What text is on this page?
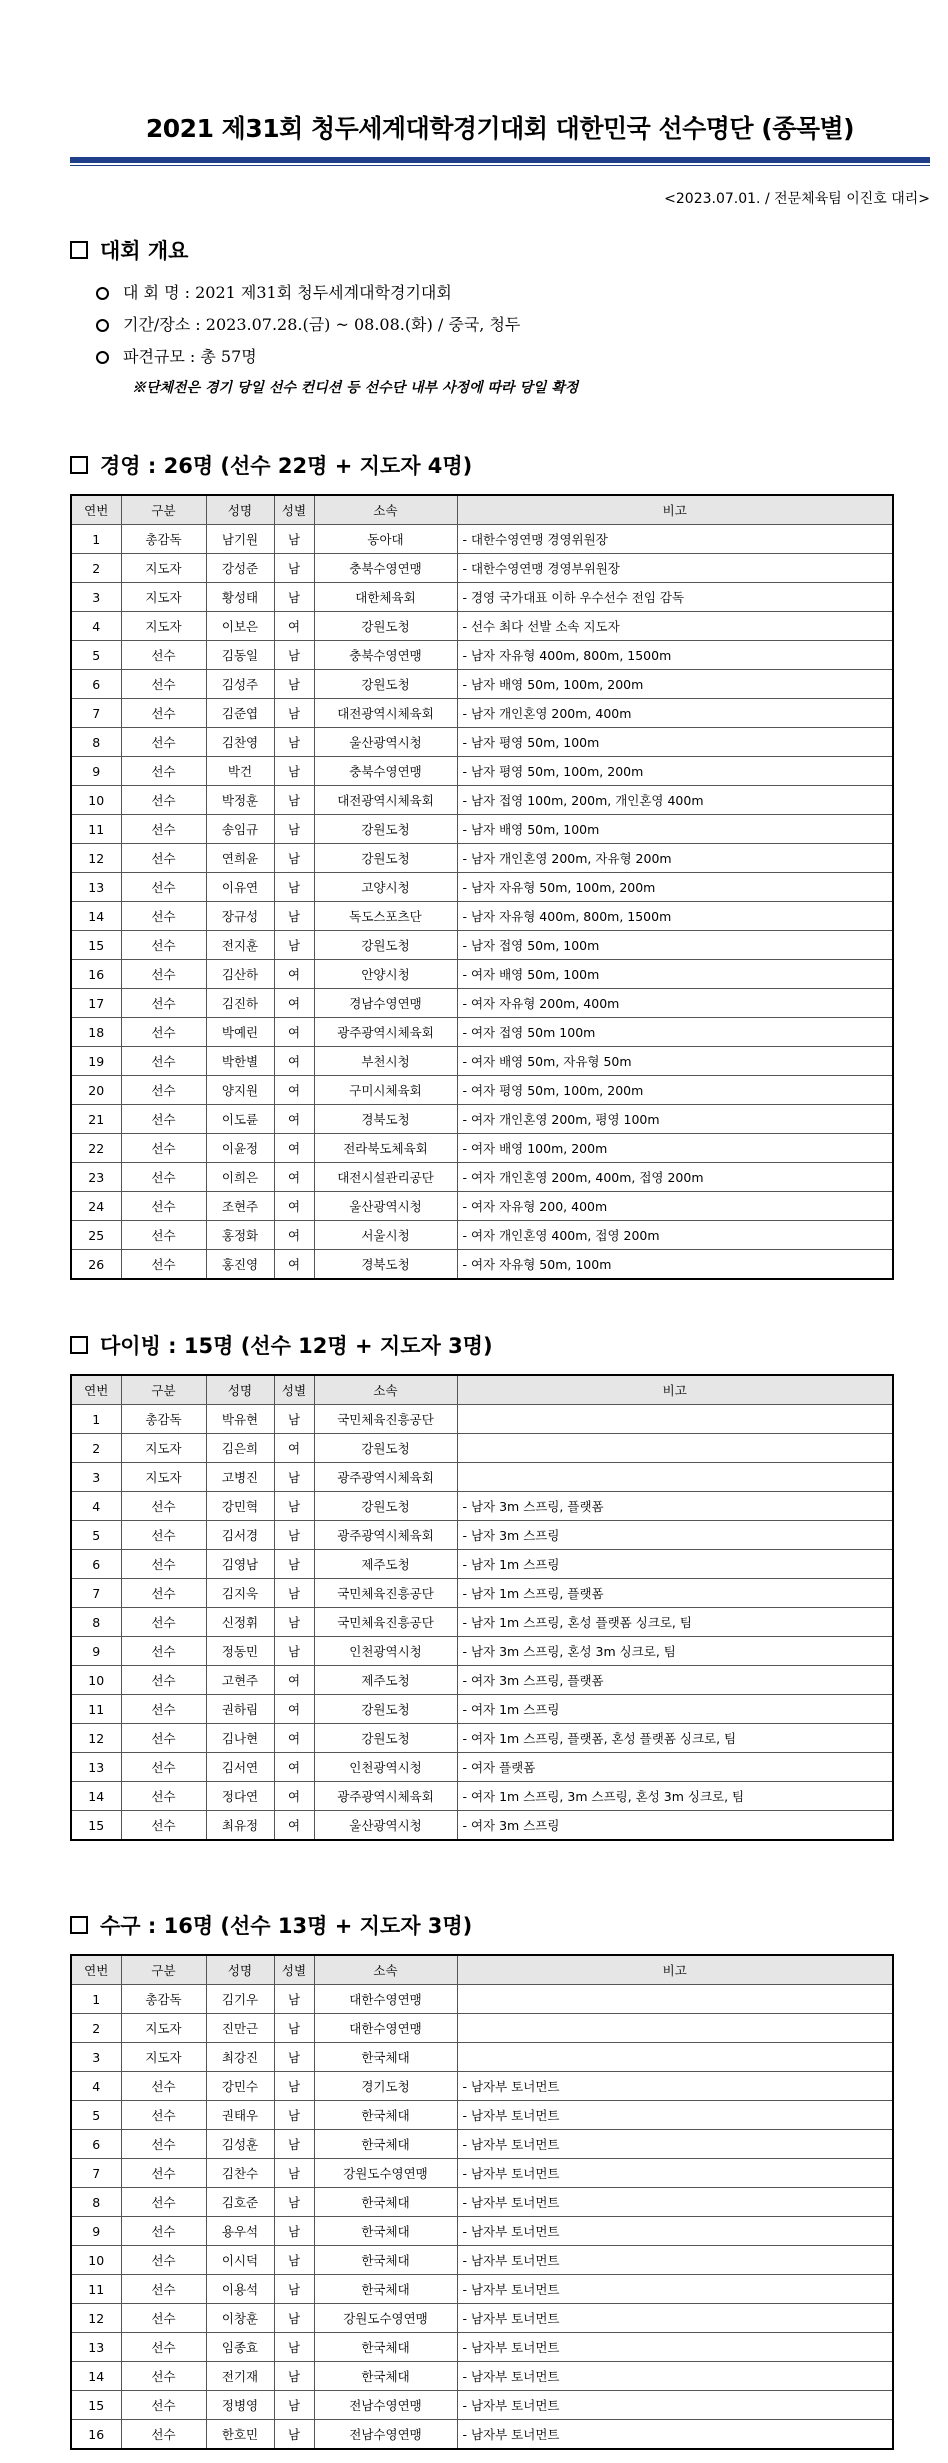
2021 제31회 청두세계대학경기대회 대한민국 선수명단 (종목별)
<2023.07.01. / 전문체육팀 이진호 대리>
대회 개요
대 회 명 : 2021 제31회 청두세계대학경기대회
기간/장소 : 2023.07.28.(금) ~ 08.08.(화) / 중국, 청두
파견규모 : 총 57명
※단체전은 경기 당일 선수 컨디션 등 선수단 내부 사정에 따라 당일 확정
경영 : 26명 (선수 22명 + 지도자 4명)
연번	구분	성명	성별	소속	비고
1	총감독	남기원	남	동아대	- 대한수영연맹 경영위원장
2	지도자	강성준	남	충북수영연맹	- 대한수영연맹 경영부위원장
3	지도자	황성태	남	대한체육회	- 경영 국가대표 이하 우수선수 전임 감독
4	지도자	이보은	여	강원도청	- 선수 최다 선발 소속 지도자
5	선수	김동일	남	충북수영연맹	- 남자 자유형 400m, 800m, 1500m
6	선수	김성주	남	강원도청	- 남자 배영 50m, 100m, 200m
7	선수	김준엽	남	대전광역시체육회	- 남자 개인혼영 200m, 400m
8	선수	김찬영	남	울산광역시청	- 남자 평영 50m, 100m
9	선수	박건	남	충북수영연맹	- 남자 평영 50m, 100m, 200m
10	선수	박정훈	남	대전광역시체육회	- 남자 접영 100m, 200m, 개인혼영 400m
11	선수	송임규	남	강원도청	- 남자 배영 50m, 100m
12	선수	연희윤	남	강원도청	- 남자 개인혼영 200m, 자유형 200m
13	선수	이유연	남	고양시청	- 남자 자유형 50m, 100m, 200m
14	선수	장규성	남	독도스포츠단	- 남자 자유형 400m, 800m, 1500m
15	선수	전지훈	남	강원도청	- 남자 접영 50m, 100m
16	선수	김산하	여	안양시청	- 여자 배영 50m, 100m
17	선수	김진하	여	경남수영연맹	- 여자 자유형 200m, 400m
18	선수	박예린	여	광주광역시체육회	- 여자 접영 50m 100m
19	선수	박한별	여	부천시청	- 여자 배영 50m, 자유형 50m
20	선수	양지원	여	구미시체육회	- 여자 평영 50m, 100m, 200m
21	선수	이도륜	여	경북도청	- 여자 개인혼영 200m, 평영 100m
22	선수	이윤정	여	전라북도체육회	- 여자 배영 100m, 200m
23	선수	이희은	여	대전시설관리공단	- 여자 개인혼영 200m, 400m, 접영 200m
24	선수	조현주	여	울산광역시청	- 여자 자유형 200, 400m
25	선수	홍정화	여	서울시청	- 여자 개인혼영 400m, 접영 200m
26	선수	홍진영	여	경북도청	- 여자 자유형 50m, 100m
다이빙 : 15명 (선수 12명 + 지도자 3명)
연번	구분	성명	성별	소속	비고
1	총감독	박유현	남	국민체육진흥공단	
2	지도자	김은희	여	강원도청	
3	지도자	고병진	남	광주광역시체육회	
4	선수	강민혁	남	강원도청	- 남자 3m 스프링, 플랫폼
5	선수	김서경	남	광주광역시체육회	- 남자 3m 스프링
6	선수	김영남	남	제주도청	- 남자 1m 스프링
7	선수	김지욱	남	국민체육진흥공단	- 남자 1m 스프링, 플랫폼
8	선수	신정휘	남	국민체육진흥공단	- 남자 1m 스프링, 혼성 플랫폼 싱크로, 팀
9	선수	정동민	남	인천광역시청	- 남자 3m 스프링, 혼성 3m 싱크로, 팀
10	선수	고현주	여	제주도청	- 여자 3m 스프링, 플랫폼
11	선수	권하림	여	강원도청	- 여자 1m 스프링
12	선수	김나현	여	강원도청	- 여자 1m 스프링, 플랫폼, 혼성 플랫폼 싱크로, 팀
13	선수	김서연	여	인천광역시청	- 여자 플랫폼
14	선수	정다연	여	광주광역시체육회	- 여자 1m 스프링, 3m 스프링, 혼성 3m 싱크로, 팀
15	선수	최유정	여	울산광역시청	- 여자 3m 스프링
수구 : 16명 (선수 13명 + 지도자 3명)
연번	구분	성명	성별	소속	비고
1	총감독	김기우	남	대한수영연맹	
2	지도자	진만근	남	대한수영연맹	
3	지도자	최강진	남	한국체대	
4	선수	강민수	남	경기도청	- 남자부 토너먼트
5	선수	권태우	남	한국체대	- 남자부 토너먼트
6	선수	김성훈	남	한국체대	- 남자부 토너먼트
7	선수	김찬수	남	강원도수영연맹	- 남자부 토너먼트
8	선수	김호준	남	한국체대	- 남자부 토너먼트
9	선수	용우석	남	한국체대	- 남자부 토너먼트
10	선수	이시덕	남	한국체대	- 남자부 토너먼트
11	선수	이용석	남	한국체대	- 남자부 토너먼트
12	선수	이창훈	남	강원도수영연맹	- 남자부 토너먼트
13	선수	임종효	남	한국체대	- 남자부 토너먼트
14	선수	전기재	남	한국체대	- 남자부 토너먼트
15	선수	정병영	남	전남수영연맹	- 남자부 토너먼트
16	선수	한호민	남	전남수영연맹	- 남자부 토너먼트
